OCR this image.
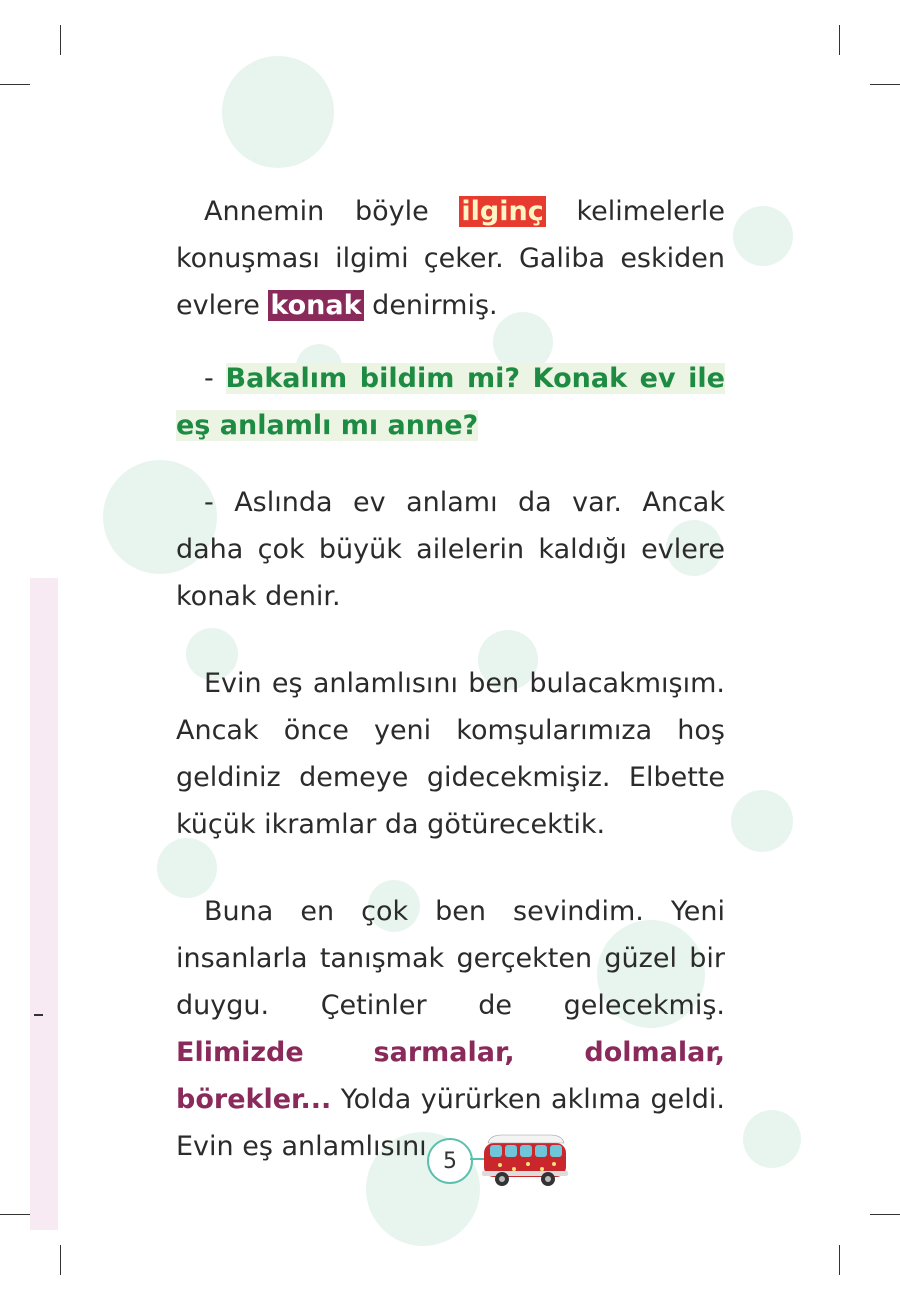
Annemin böyle ilginç kelimelerle konuşması ilgimi çeker. Galiba eskiden evlere konak denirmiş.

- Bakalım bildim mi? Konak ev ile eş anlamlı mı anne?

- Aslında ev anlamı da var. Ancak daha çok büyük ailelerin kaldığı evlere konak denir.

Evin eş anlamlısını ben bulacakmışım. Ancak önce yeni komşularımıza hoş geldiniz demeye gidecekmişiz. Elbette küçük ikramlar da götürecektik.

Buna en çok ben sevindim. Yeni insanlarla tanışmak gerçekten güzel bir duygu. Çetinler de gelecekmiş. Elimizde sarmalar, dolmalar, börekler... Yolda yürürken aklıma geldi. Evin eş anlamlısını 5
